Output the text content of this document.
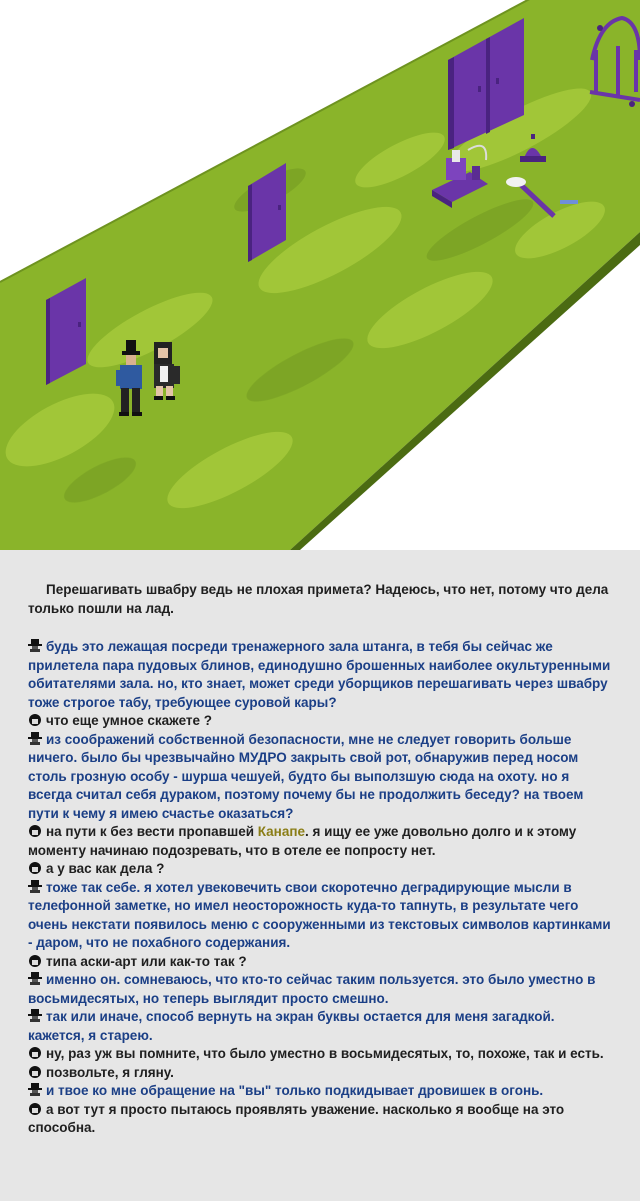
Перешагивать швабру ведь не плохая примета? Надеюсь, что нет, потому что дела только пошли на лад.

будь это лежащая посреди тренажерного зала штанга, в тебя бы сейчас же прилетела пара пудовых блинов, единодушно брошенных наиболее окультуренными обитателями зала. но, кто знает, может среди уборщиков перешагивать через швабру тоже строгое табу, требующее суровой кары?

что еще умное скажете ?

из соображений собственной безопасности, мне не следует говорить больше ничего. было бы чрезвычайно МУДРО закрыть свой рот, обнаружив перед носом столь грозную особу - шурша чешуей, будто бы выползшую сюда на охоту. но я всегда считал себя дураком, поэтому почему бы не продолжить беседу? на твоем пути к чему я имею счастье оказаться?

на пути к без вести пропавшей Канапе. я ищу ее уже довольно долго и к этому моменту начинаю подозревать, что в отеле ее попросту нет.

а у вас как дела ?

тоже так себе. я хотел увековечить свои скоротечно деградирующие мысли в телефонной заметке, но имел неосторожность куда-то тапнуть, в результате чего очень некстати появилось меню с сооруженными из текстовых символов картинками - даром, что не похабного содержания.

типа аски-арт или как-то так ?

именно он. сомневаюсь, что кто-то сейчас таким пользуется. это было уместно в восьмидесятых, но теперь выглядит просто смешно.

так или иначе, способ вернуть на экран буквы остается для меня загадкой. кажется, я старею.

ну, раз уж вы помните, что было уместно в восьмидесятых, то, похоже, так и есть.

позвольте, я гляну.

и твое ко мне обращение на "вы" только подкидывает дровишек в огонь.

а вот тут я просто пытаюсь проявлять уважение. насколько я вообще на это способна.
